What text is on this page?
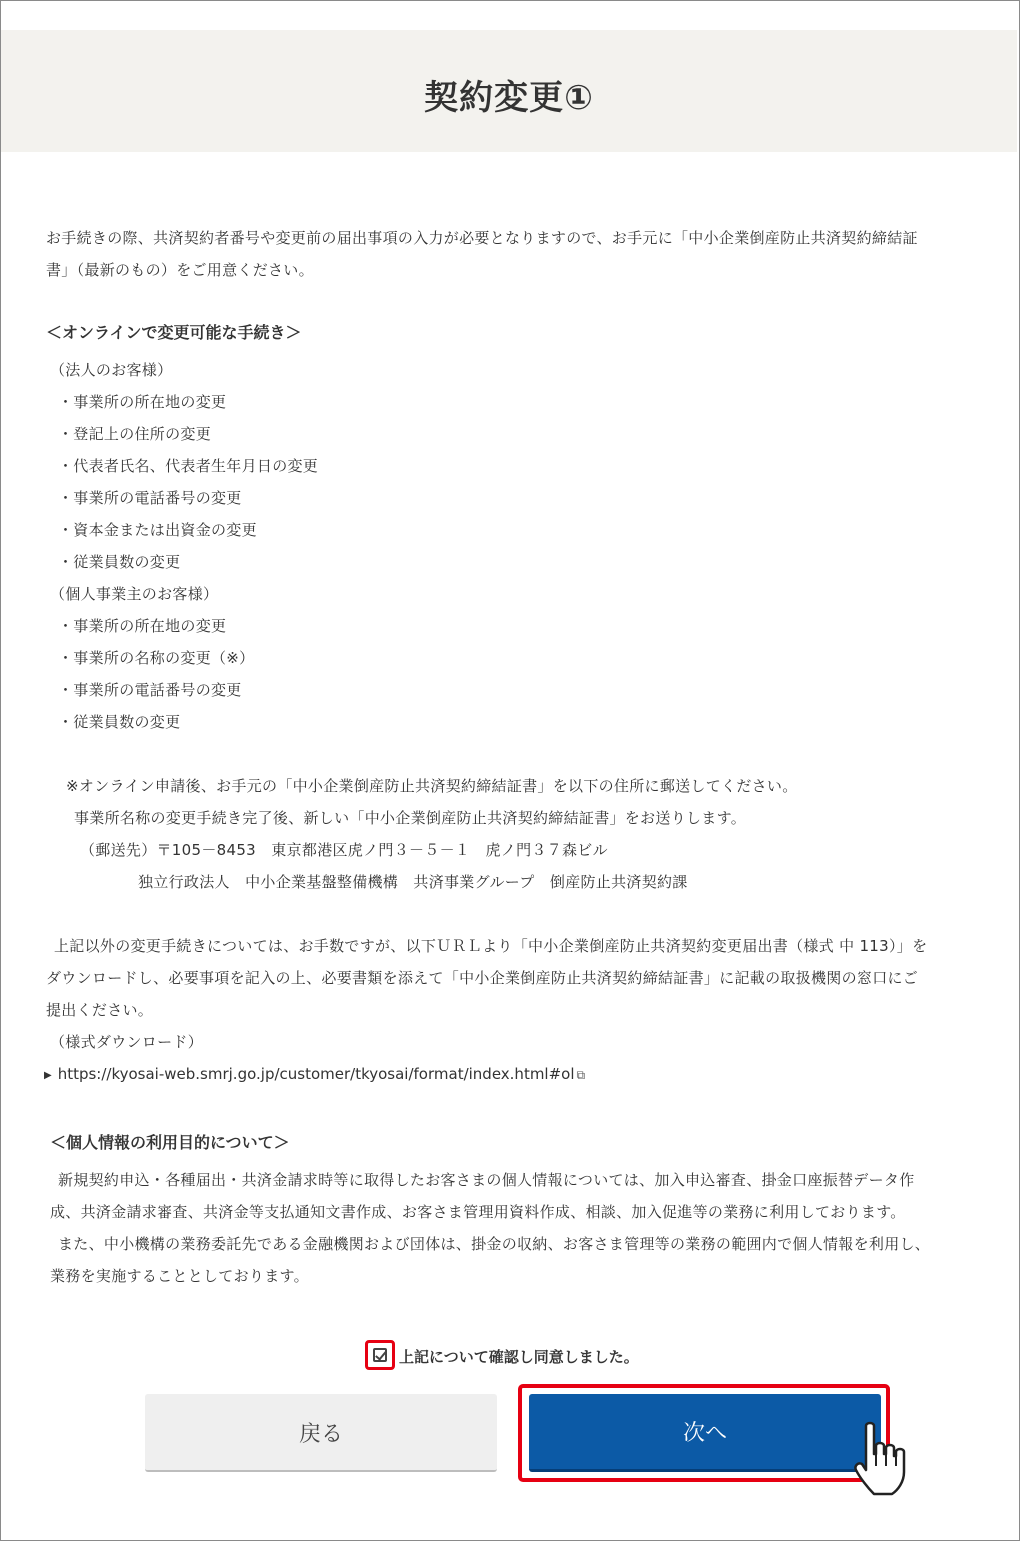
契約変更①
お手続きの際、共済契約者番号や変更前の届出事項の入力が必要となりますので、お手元に「中小企業倒産防止共済契約締結証
書」（最新のもの）をご用意ください。
＜オンラインで変更可能な手続き＞
（法人のお客様）
・事業所の所在地の変更
・登記上の住所の変更
・代表者氏名、代表者生年月日の変更
・事業所の電話番号の変更
・資本金または出資金の変更
・従業員数の変更
（個人事業主のお客様）
・事業所の所在地の変更
・事業所の名称の変更（※）
・事業所の電話番号の変更
・従業員数の変更
※オンライン申請後、お手元の「中小企業倒産防止共済契約締結証書」を以下の住所に郵送してください。
事業所名称の変更手続き完了後、新しい「中小企業倒産防止共済契約締結証書」をお送りします。
（郵送先）〒105－8453　東京都港区虎ノ門３－５－１　虎ノ門３７森ビル
独立行政法人　中小企業基盤整備機構　共済事業グループ　倒産防止共済契約課
上記以外の変更手続きについては、お手数ですが、以下ＵＲＬより「中小企業倒産防止共済契約変更届出書（様式 中 113）」を
ダウンロードし、必要事項を記入の上、必要書類を添えて「中小企業倒産防止共済契約締結証書」に記載の取扱機関の窓口にご
提出ください。
（様式ダウンロード）
▶ https://kyosai-web.smrj.go.jp/customer/tkyosai/format/index.html#ol ⧉
＜個人情報の利用目的について＞
新規契約申込・各種届出・共済金請求時等に取得したお客さまの個人情報については、加入申込審査、掛金口座振替データ作
成、共済金請求審査、共済金等支払通知文書作成、お客さま管理用資料作成、相談、加入促進等の業務に利用しております。
また、中小機構の業務委託先である金融機関および団体は、掛金の収納、お客さま管理等の業務の範囲内で個人情報を利用し、
業務を実施することとしております。
上記について確認し同意しました。
戻る	次へ
